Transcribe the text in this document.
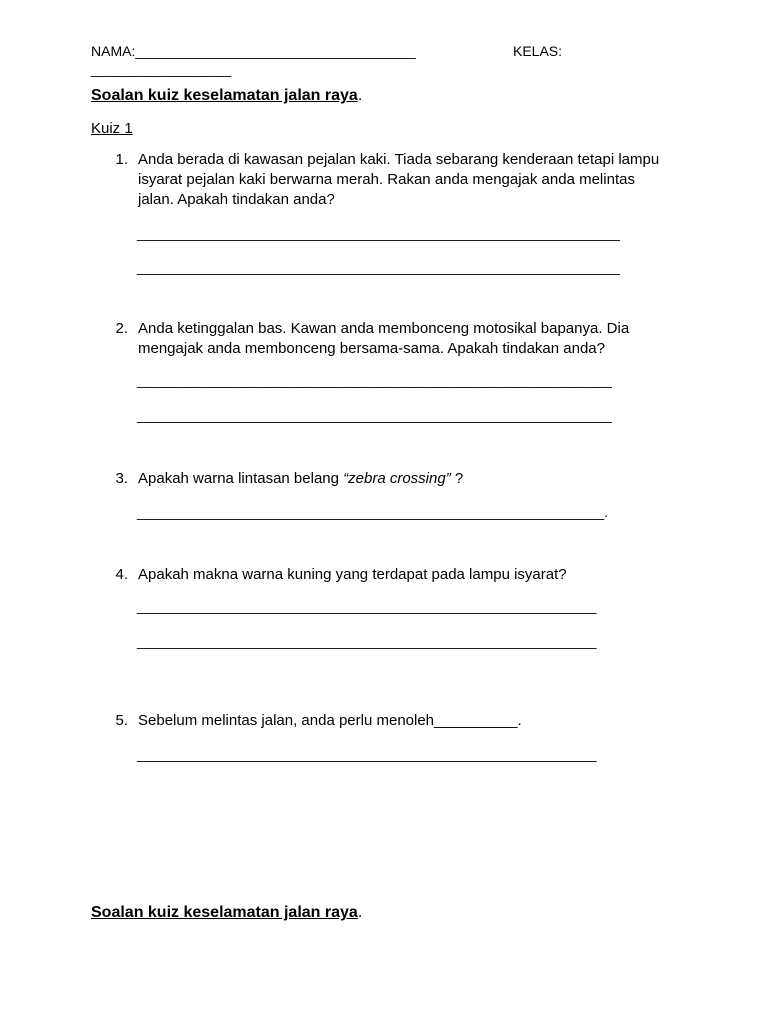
NAMA:____________________________________	KELAS:
__________________
Soalan kuiz keselamatan jalan raya.
Kuiz 1
1. Anda berada di kawasan pejalan kaki. Tiada sebarang kenderaan tetapi lampu
isyarat pejalan kaki berwarna merah. Rakan anda mengajak anda melintas
jalan. Apakah tindakan anda?
______________________________________________________________
______________________________________________________________
2. Anda ketinggalan bas. Kawan anda membonceng motosikal bapanya. Dia
mengajak anda membonceng bersama-sama. Apakah tindakan anda?
_____________________________________________________________
_____________________________________________________________
3. Apakah warna lintasan belang “zebra crossing” ?
____________________________________________________________.
4. Apakah makna warna kuning yang terdapat pada lampu isyarat?
___________________________________________________________
___________________________________________________________
5. Sebelum melintas jalan, anda perlu menoleh__________.
___________________________________________________________
Soalan kuiz keselamatan jalan raya.
